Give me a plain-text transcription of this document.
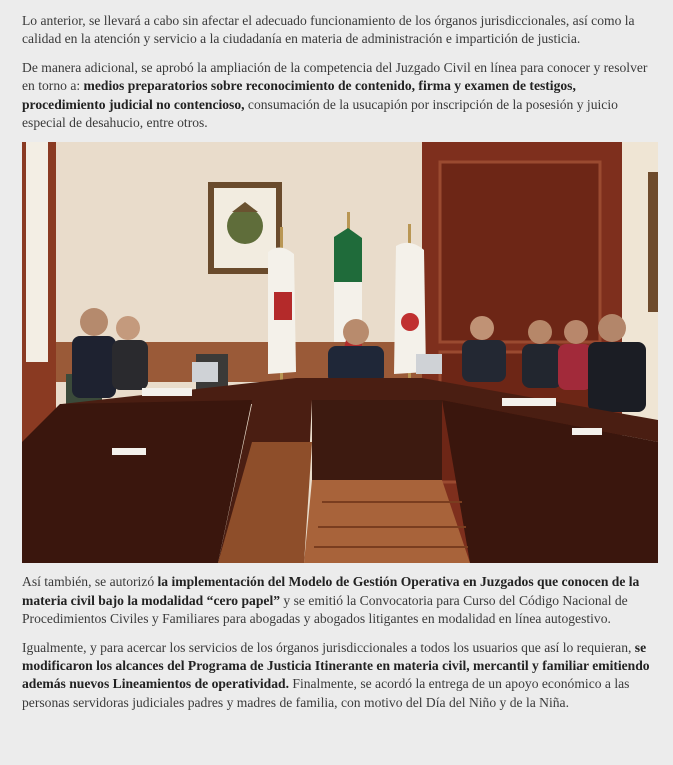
Lo anterior, se llevará a cabo sin afectar el adecuado funcionamiento de los órganos jurisdiccionales, así como la calidad en la atención y servicio a la ciudadanía en materia de administración e impartición de justicia.

De manera adicional, se aprobó la ampliación de la competencia del Juzgado Civil en línea para conocer y resolver en torno a: medios preparatorios sobre reconocimiento de contenido, firma y examen de testigos, procedimiento judicial no contencioso, consumación de la usucapión por inscripción de la posesión y juicio especial de desahucio, entre otros.

Así también, se autorizó la implementación del Modelo de Gestión Operativa en Juzgados que conocen de la materia civil bajo la modalidad “cero papel” y se emitió la Convocatoria para Curso del Código Nacional de Procedimientos Civiles y Familiares para abogadas y abogados litigantes en modalidad en línea autogestivo.

Igualmente, y para acercar los servicios de los órganos jurisdiccionales a todos los usuarios que así lo requieran, se modificaron los alcances del Programa de Justicia Itinerante en materia civil, mercantil y familiar emitiendo además nuevos Lineamientos de operatividad. Finalmente, se acordó la entrega de un apoyo económico a las personas servidoras judiciales padres y madres de familia, con motivo del Día del Niño y de la Niña.
